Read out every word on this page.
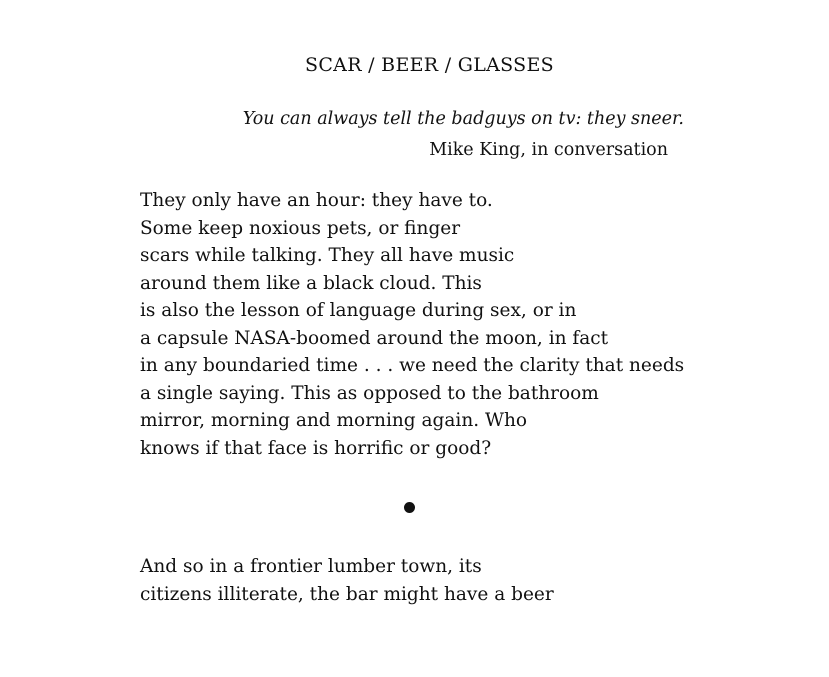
SCAR / BEER / GLASSES
You can always tell the badguys on tv: they sneer.
Mike King, in conversation
They only have an hour: they have to.
Some keep noxious pets, or finger
scars while talking. They all have music
around them like a black cloud. This
is also the lesson of language during sex, or in
a capsule NASA-boomed around the moon, in fact
in any boundaried time . . . we need the clarity that needs
a single saying. This as opposed to the bathroom
mirror, morning and morning again. Who
knows if that face is horrific or good?
And so in a frontier lumber town, its
citizens illiterate, the bar might have a beer
